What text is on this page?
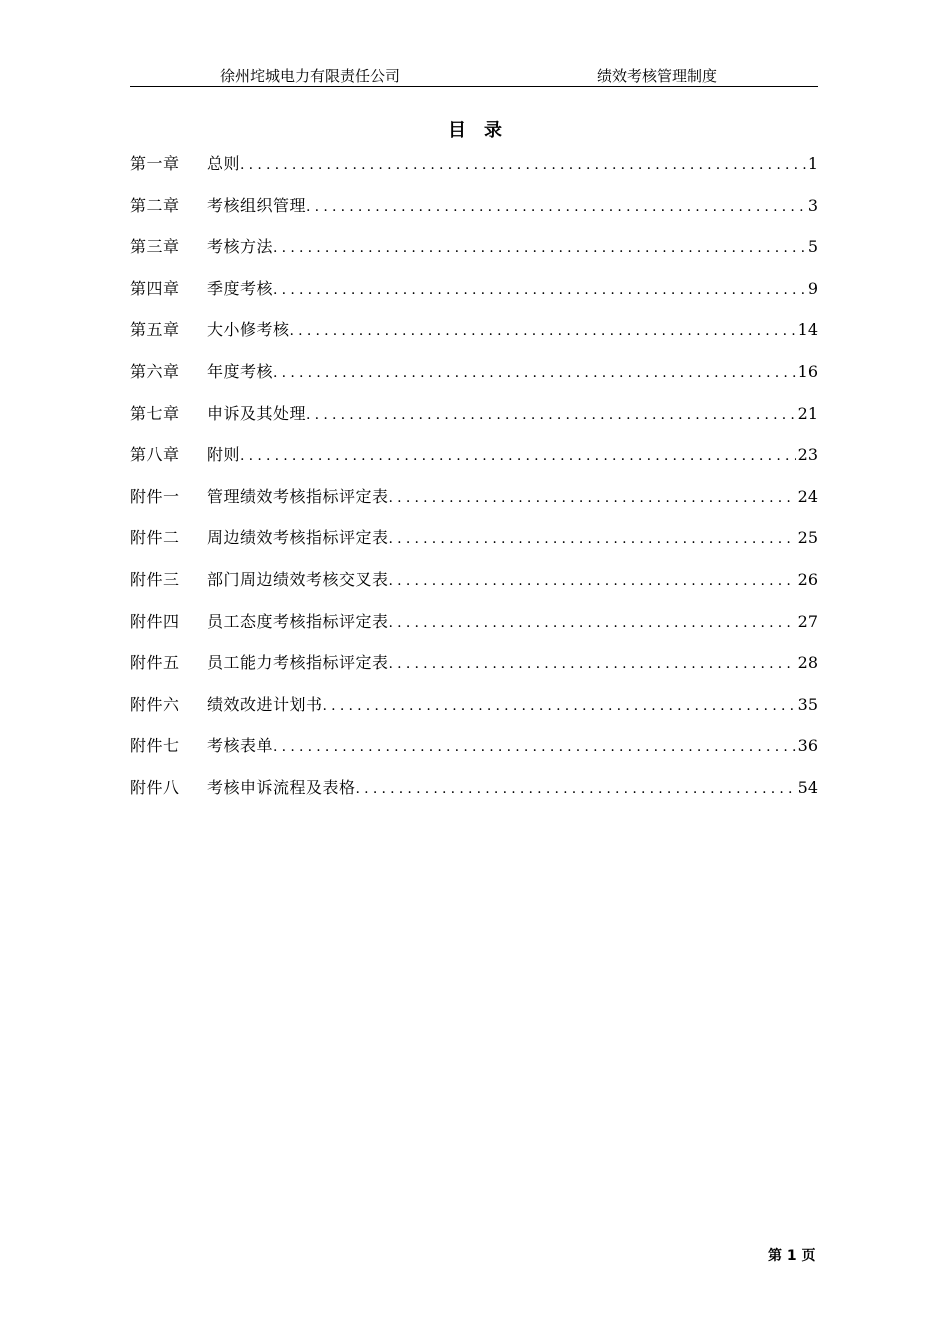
徐州垞城电力有限责任公司	绩效考核管理制度
目录
第一章	总则 .....	1
第二章	考核组织管理 .....	3
第三章	考核方法 .....	5
第四章	季度考核 .....	9
第五章	大小修考核 .....	14
第六章	年度考核 .....	16
第七章	申诉及其处理 .....	21
第八章	附则 .....	23
附件一	管理绩效考核指标评定表 .....	24
附件二	周边绩效考核指标评定表 .....	25
附件三	部门周边绩效考核交叉表 .....	26
附件四	员工态度考核指标评定表 .....	27
附件五	员工能力考核指标评定表 .....	28
附件六	绩效改进计划书 .....	35
附件七	考核表单 .....	36
附件八	考核申诉流程及表格 .....	54
第 1 页
